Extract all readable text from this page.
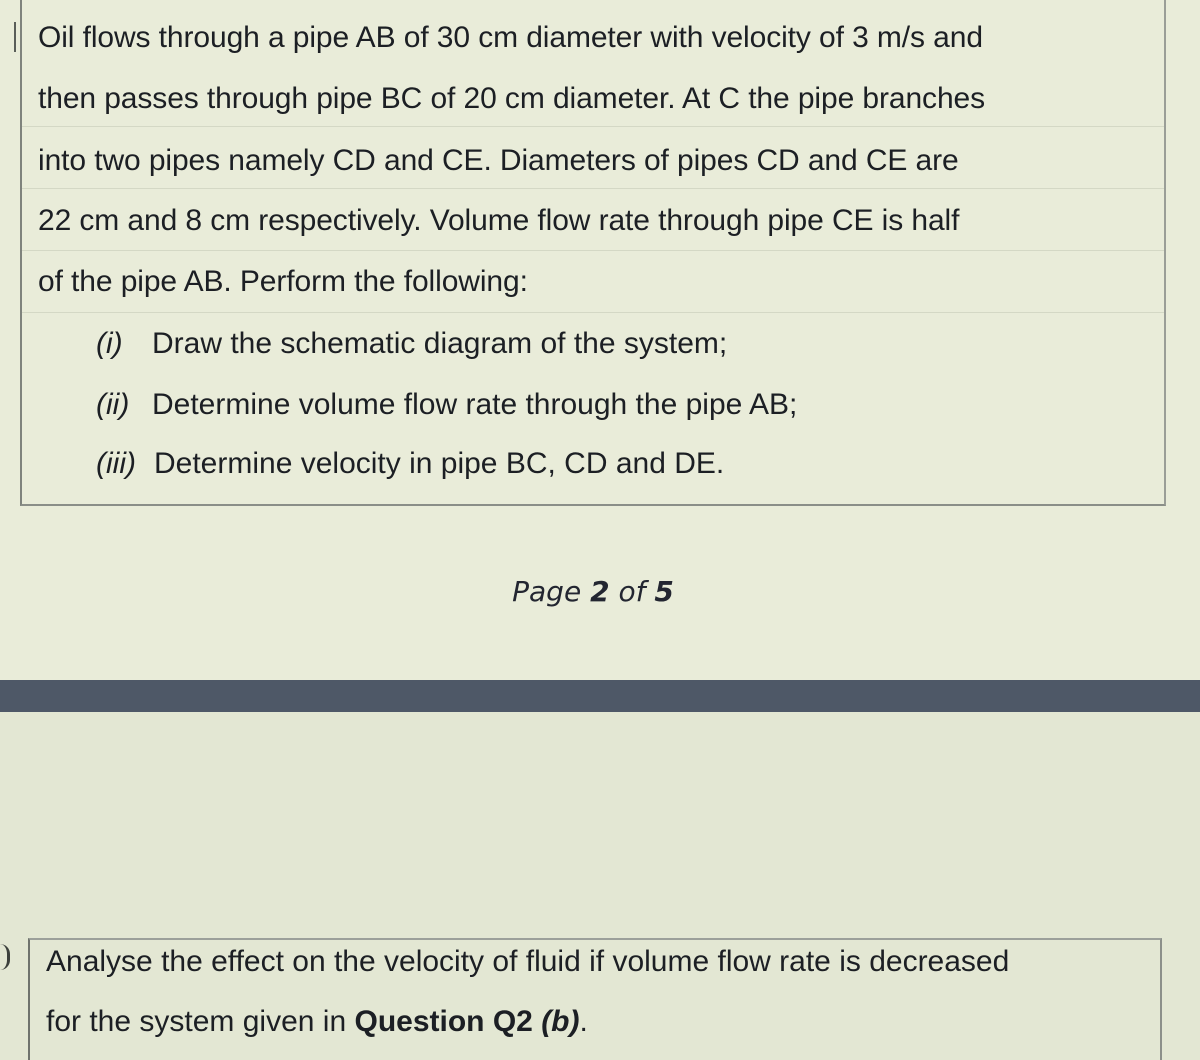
Oil flows through a pipe AB of 30 cm diameter with velocity of 3 m/s and
then passes through pipe BC of 20 cm diameter. At C the pipe branches
into two pipes namely CD and CE. Diameters of pipes CD and CE are
22 cm and 8 cm respectively. Volume flow rate through pipe CE is half
of the pipe AB. Perform the following:
(i) Draw the schematic diagram of the system;
(ii) Determine volume flow rate through the pipe AB;
(iii) Determine velocity in pipe BC, CD and DE.
Page 2 of 5
Analyse the effect on the velocity of fluid if volume flow rate is decreased
for the system given in Question Q2 (b).
